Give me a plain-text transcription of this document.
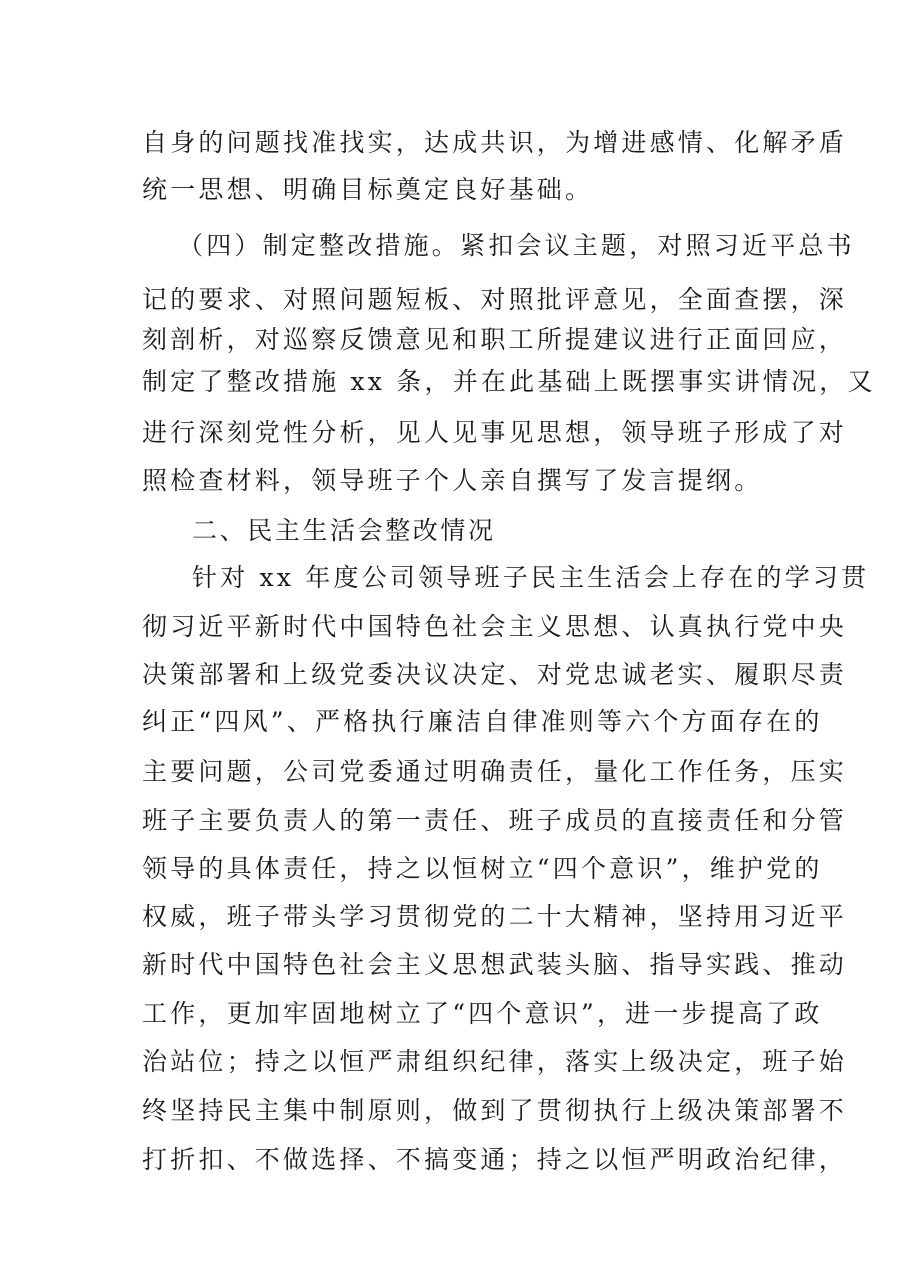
自身的问题找准找实，达成共识，为增进感情、化解矛盾
统一思想、明确目标奠定良好基础。
（四）制定整改措施。紧扣会议主题，对照习近平总书
记的要求、对照问题短板、对照批评意见，全面查摆，深
刻剖析，对巡察反馈意见和职工所提建议进行正面回应，
制定了整改措施 xx 条，并在此基础上既摆事实讲情况，又
进行深刻党性分析，见人见事见思想，领导班子形成了对
照检查材料，领导班子个人亲自撰写了发言提纲。
二、民主生活会整改情况
针对 xx 年度公司领导班子民主生活会上存在的学习贯
彻习近平新时代中国特色社会主义思想、认真执行党中央
决策部署和上级党委决议决定、对党忠诚老实、履职尽责
纠正“四风”、严格执行廉洁自律准则等六个方面存在的
主要问题，公司党委通过明确责任，量化工作任务，压实
班子主要负责人的第一责任、班子成员的直接责任和分管
领导的具体责任，持之以恒树立“四个意识”，维护党的
权威，班子带头学习贯彻党的二十大精神，坚持用习近平
新时代中国特色社会主义思想武装头脑、指导实践、推动
工作，更加牢固地树立了“四个意识”，进一步提高了政
治站位；持之以恒严肃组织纪律，落实上级决定，班子始
终坚持民主集中制原则，做到了贯彻执行上级决策部署不
打折扣、不做选择、不搞变通；持之以恒严明政治纪律，
